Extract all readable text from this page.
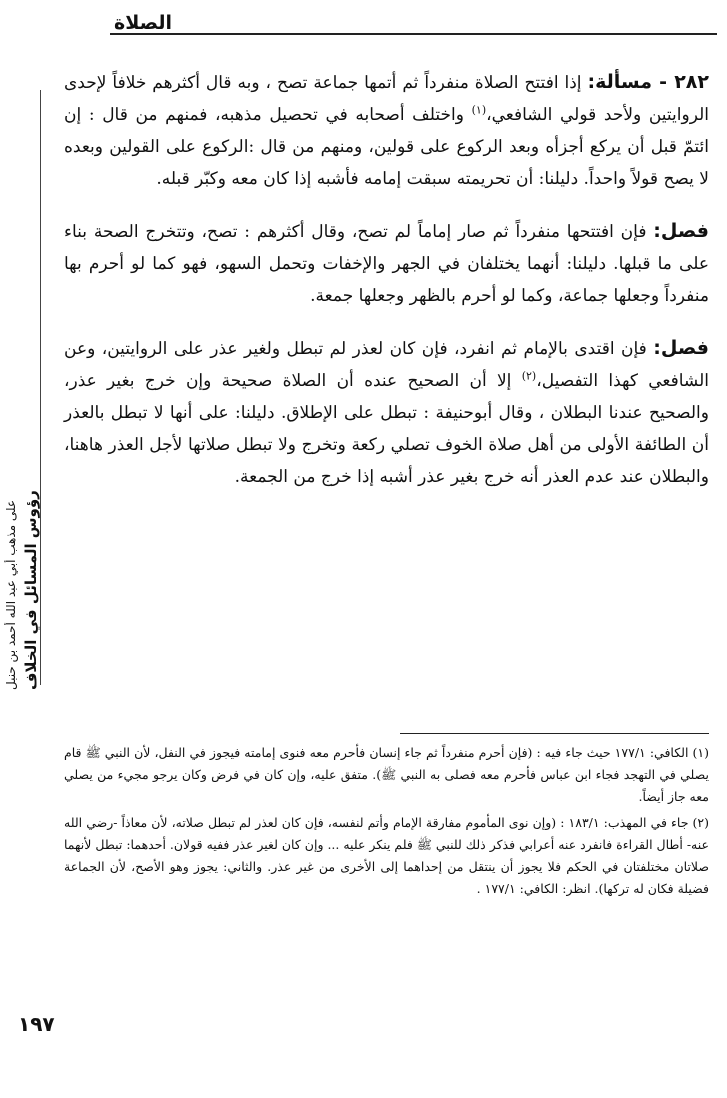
الصلاة
رؤوس المسائل في الخلاف
على مذهب أبي عبد الله أحمد بن حنبل

٢٨٢ - مسألة: إذا افتتح الصلاة منفرداً ثم أتمها جماعة تصح ، وبه قال أكثرهم خلافاً لإحدى الروايتين ولأحد قولي الشافعي،$^{(١)}$ واختلف أصحابه في تحصيل مذهبه، فمنهم من قال : إن ائتمّ قبل أن يركع أجزأه وبعد الركوع على قولين، ومنهم من قال :الركوع على القولين وبعده لا يصح قولاً واحداً. دليلنا: أن تحريمته سبقت إمامه فأشبه إذا كان معه وكبّر قبله.

فصل: فإن افتتحها منفرداً ثم صار إماماً لم تصح، وقال أكثرهم : تصح، وتتخرج الصحة بناء على ما قبلها. دليلنا: أنهما يختلفان في الجهر والإخفات وتحمل السهو، فهو كما لو أحرم بها منفرداً وجعلها جماعة، وكما لو أحرم بالظهر وجعلها جمعة.

فصل: فإن اقتدى بالإمام ثم انفرد، فإن كان لعذر لم تبطل ولغير عذر على الروايتين، وعن الشافعي كهذا التفصيل،$^{(٢)}$ إلا أن الصحيح عنده أن الصلاة صحيحة وإن خرج بغير عذر، والصحيح عندنا البطلان ، وقال أبوحنيفة : تبطل على الإطلاق. دليلنا: على أنها لا تبطل بالعذر أن الطائفة الأولى من أهل صلاة الخوف تصلي ركعة وتخرج ولا تبطل صلاتها لأجل العذر هاهنا، والبطلان عند عدم العذر أنه خرج بغير عذر أشبه إذا خرج من الجمعة.

(١) الكافي: ١٧٧/١ حيث جاء فيه : (فإن أحرم منفرداً ثم جاء إنسان فأحرم معه فنوى إمامته فيجوز في النفل، لأن النبي ﷺ قام يصلي في التهجد فجاء ابن عباس فأحرم معه فصلى به النبي ﷺ). متفق عليه، وإن كان في فرض وكان يرجو مجيء من يصلي معه جاز أيضاً.

(٢) جاء في المهذب: ١٨٣/١ : (وإن نوى المأموم مفارقة الإمام وأتم لنفسه، فإن كان لعذر لم تبطل صلاته، لأن معاذاً -رضي الله عنه- أطال القراءة فانفرد عنه أعرابي فذكر ذلك للنبي ﷺ فلم ينكر عليه ... وإن كان لغير عذر ففيه قولان. أحدهما: تبطل لأنهما صلاتان مختلفتان في الحكم فلا يجوز أن ينتقل من إحداهما إلى الأخرى من غير عذر. والثاني: يجوز وهو الأصح، لأن الجماعة فضيلة فكان له تركها). انظر: الكافي: ١٧٧/١ .

١٩٧
